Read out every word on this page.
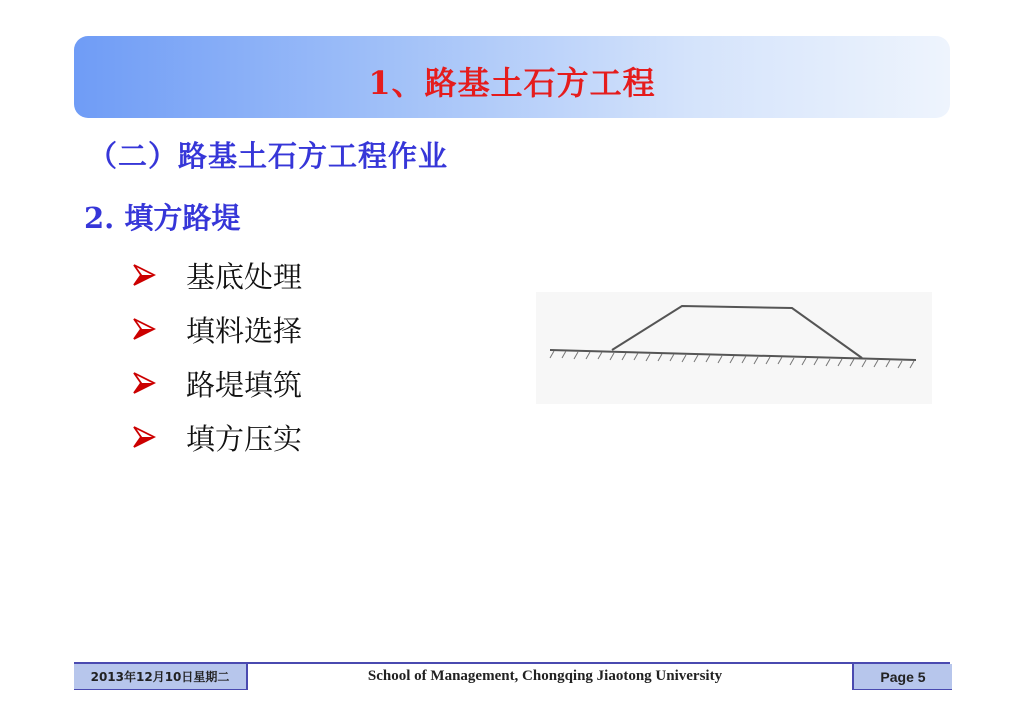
1、路基土石方工程
（二）路基土石方工程作业
2. 填方路堤
基底处理
填料选择
路堤填筑
填方压实
2013年12月10日星期二	School of Management, Chongqing Jiaotong University	Page 5
